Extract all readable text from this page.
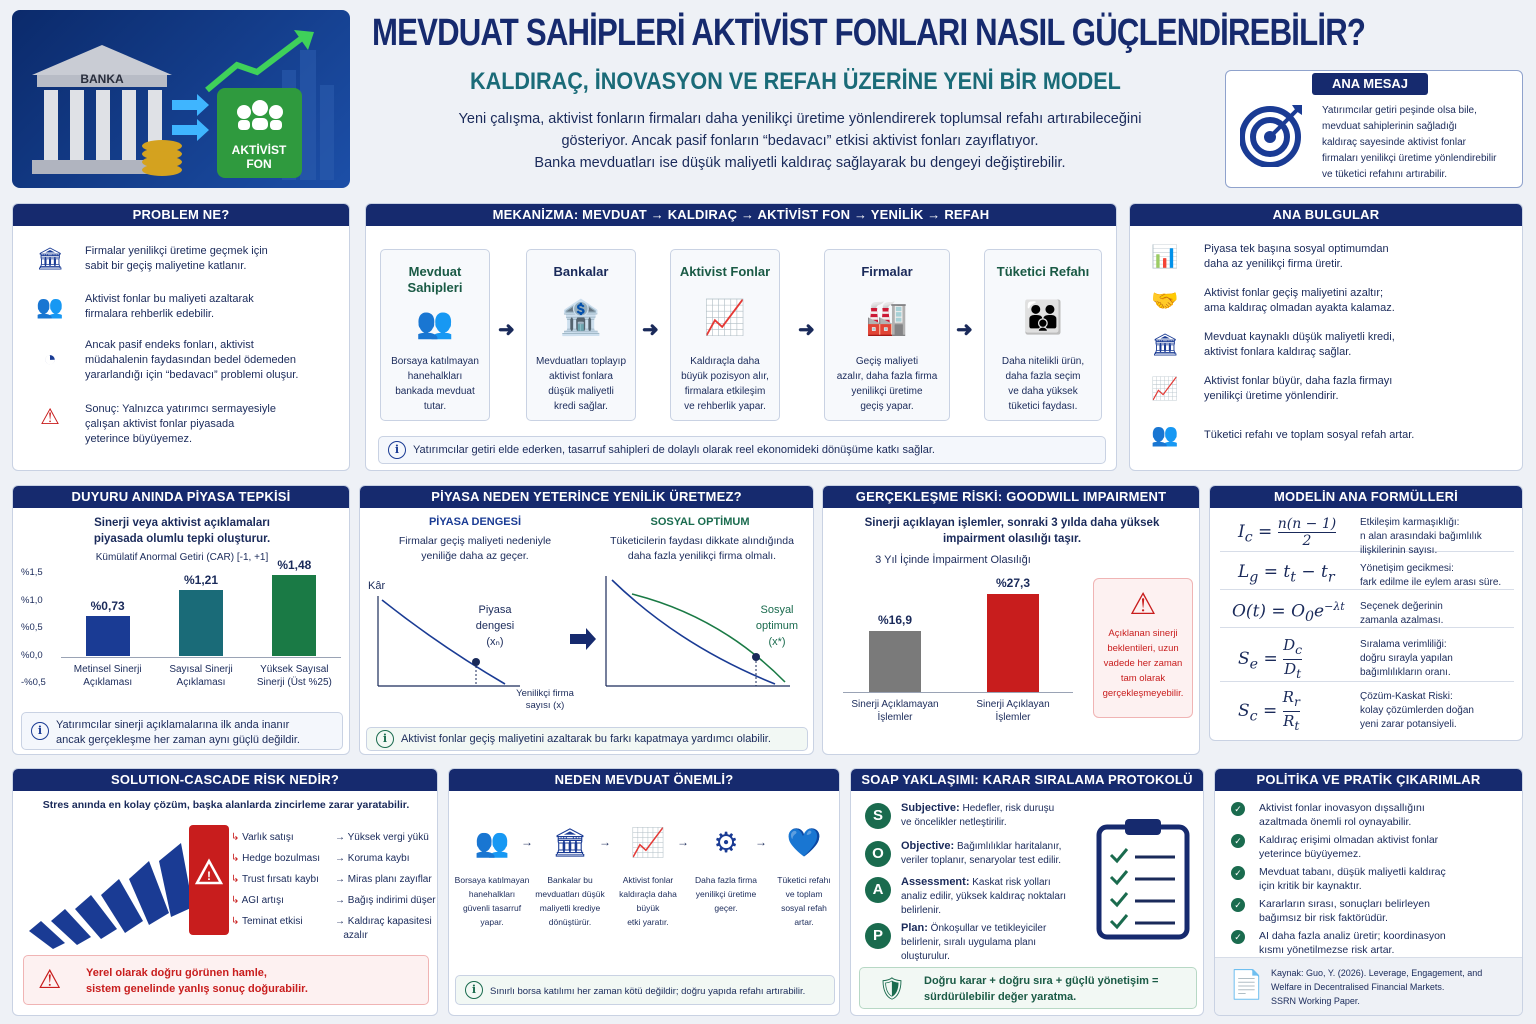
BANKA
AKTİVİST
FON
MEVDUAT SAHİPLERİ AKTİVİST FONLARI NASIL GÜÇLENDİREBİLİR?
KALDIRAÇ, İNOVASYON VE REFAH ÜZERİNE YENİ BİR MODEL
Yeni çalışma, aktivist fonların firmaları daha yenilikçi üretime yönlendirerek toplumsal refahı artırabileceğini
gösteriyor. Ancak pasif fonların “bedavacı” etkisi aktivist fonları zayıflatıyor.
Banka mevduatları ise düşük maliyetli kaldıraç sağlayarak bu dengeyi değiştirebilir.
ANA MESAJ
Yatırımcılar getiri peşinde olsa bile,
mevduat sahiplerinin sağladığı
kaldıraç sayesinde aktivist fonlar
firmaları yenilikçi üretime yönlendirebilir
ve tüketici refahını artırabilir.
PROBLEM NE?
🏛 Firmalar yenilikçi üretime geçmek için
sabit bir geçiş maliyetine katlanır.
👥 Aktivist fonlar bu maliyeti azaltarak
firmalara rehberlik edebilir.
◔
Ancak pasif endeks fonları, aktivist
müdahalenin faydasından bedel ödemeden
yararlandığı için “bedavacı” problemi oluşur.
⚠	Sonuç: Yalnızca yatırımcı sermayesiyle
çalışan aktivist fonlar piyasada
yeterince büyüyemez.
MEKANİZMA: MEVDUAT → KALDIRAÇ → AKTİVİST FON → YENİLİK → REFAH
Mevduat
Sahipleri
👥

Borsaya katılmayan
hanehalkları
bankada mevduat
tutar.

➜
Bankalar
🏦

Mevduatları toplayıp
aktivist fonlara
düşük maliyetli
kredi sağlar.

➜
Aktivist Fonlar
📈

Kaldıraçla daha
büyük pozisyon alır,
firmalara etkileşim
ve rehberlik yapar.

➜
Firmalar
🏭

Geçiş maliyeti
azalır, daha fazla firma
yenilikçi üretime
geçiş yapar.

➜
Tüketici Refahı
👪

Daha nitelikli ürün,
daha fazla seçim
ve daha yüksek
tüketici faydası.

i	Yatırımcılar getiri elde ederken, tasarruf sahipleri de dolaylı olarak reel ekonomideki dönüşüme katkı sağlar.
ANA BULGULAR
📊 Piyasa tek başına sosyal optimumdan
daha az yenilikçi firma üretir.
🤝 Aktivist fonlar geçiş maliyetini azaltır;
ama kaldıraç olmadan ayakta kalamaz.
🏛 Mevduat kaynaklı düşük maliyetli kredi,
aktivist fonlara kaldıraç sağlar.
📈 Aktivist fonlar büyür, daha fazla firmayı
yenilikçi üretime yönlendirir.
👥 Tüketici refahı ve toplam sosyal refah artar.
DUYURU ANINDA PİYASA TEPKİSİ
Sinerji veya aktivist açıklamaları
piyasada olumlu tepki oluşturur.
Kümülatif Anormal Getiri (CAR) [-1, +1]
%1,5
%1,0
%0,5
%0,0
-%0,5
%0,73
Metinsel Sinerji
Açıklaması
%1,21
Sayısal Sinerji
Açıklaması
%1,48
Yüksek Sayısal
Sinerji (Üst %25)
i	Yatırımcılar sinerji açıklamalarına ilk anda inanır
ancak gerçekleşme her zaman aynı güçlü değildir.
PİYASA NEDEN YETERİNCE YENİLİK ÜRETMEZ?
PİYASA DENGESİ
Firmalar geçiş maliyeti nedeniyle
yeniliğe daha az geçer.
SOSYAL OPTİMUM
Tüketicilerin faydası dikkate alındığında
daha fazla yenilikçi firma olmalı.
Kâr
Piyasa
dengesi
(xₙ)
Yenilikçi firma
sayısı (x)
Sosyal
optimum
(x*)
i	Aktivist fonlar geçiş maliyetini azaltarak bu farkı kapatmaya yardımcı olabilir.
GERÇEKLEŞME RİSKİ: GOODWILL IMPAIRMENT
Sinerji açıklayan işlemler, sonraki 3 yılda daha yüksek
impairment olasılığı taşır.
3 Yıl İçinde İmpairment Olasılığı
%16,9
Sinerji Açıklamayan
İşlemler
%27,3
Sinerji Açıklayan
İşlemler
⚠
Açıklanan sinerji
beklentileri, uzun
vadede her zaman
tam olarak
gerçekleşmeyebilir.
MODELİN ANA FORMÜLLERİ
$I_c = \frac{n(n - 1)}{2}$ Etkileşim karmaşıklığı:
n alan arasındaki bağımlılık
ilişkilerinin sayısı.
$L_g = t_t - t_r$
Yönetişim gecikmesi:
fark edilme ile eylem arası süre.
$O(t) = O_0e^{-\lambda t}$ Seçenek değerinin
zamanla azalması.
$S_e = \frac{D_c}{D_t}$	Sıralama verimliliği:
doğru sırayla yapılan
bağımlılıkların oranı.
$S_c = \frac{R_r}{R_t}$	Çözüm-Kaskat Riski:
kolay çözümlerden doğan
yeni zarar potansiyeli.
SOLUTION-CASCADE RİSK NEDİR?
Stres anında en kolay çözüm, başka alanlarda zincirleme zarar yaratabilir.
!
↳ Varlık satışı
↳ Hedge bozulması
↳ Trust fırsatı kaybı
↳ AGI artışı
↳ Teminat etkisi
→ Yüksek vergi yükü
→ Koruma kaybı
→ Miras planı zayıflar
→ Bağış indirimi düşer
→ Kaldıraç kapasitesi
azalır
⚠ Yerel olarak doğru görünen hamle,
sistem genelinde yanlış sonuç doğurabilir.
NEDEN MEVDUAT ÖNEMLİ?
👥
Borsaya katılmayan
hanehalkları
güvenli tasarruf
yapar.
→ 🏛
Bankalar bu
mevduatları düşük
maliyetli krediye
dönüştürür.
→ 📈
Aktivist fonlar
kaldıraçla daha büyük
etki yaratır.
→ ⚙
Daha fazla firma
yenilikçi üretime
geçer.
→ 💙
Tüketici refahı
ve toplam
sosyal refah
artar.
i	Sınırlı borsa katılımı her zaman kötü değildir; doğru yapıda refahı artırabilir.
SOAP YAKLAŞIMI: KARAR SIRALAMA PROTOKOLÜ
S	Subjective: Hedefler, risk duruşu
ve öncelikler netleştirilir.
O	Objective: Bağımlılıklar haritalanır,
veriler toplanır, senaryolar test edilir.
A	Assessment: Kaskat risk yolları
analiz edilir, yüksek kaldıraç noktaları
belirlenir.
P	Plan: Önkoşullar ve tetikleyiciler
belirlenir, sıralı uygulama planı
oluşturulur.
🛡 Doğru karar + doğru sıra + güçlü yönetişim =
sürdürülebilir değer yaratma.
POLİTİKA VE PRATİK ÇIKARIMLAR
✓	Aktivist fonlar inovasyon dışsallığını
azaltmada önemli rol oynayabilir.
✓	Kaldıraç erişimi olmadan aktivist fonlar
yeterince büyüyemez.
✓	Mevduat tabanı, düşük maliyetli kaldıraç
için kritik bir kaynaktır.
✓	Kararların sırası, sonuçları belirleyen
bağımsız bir risk faktörüdür.
✓	AI daha fazla analiz üretir; koordinasyon
kısmı yönetilmezse risk artar.
📄 Kaynak: Guo, Y. (2026). Leverage, Engagement, and
Welfare in Decentralised Financial Markets.
SSRN Working Paper.
